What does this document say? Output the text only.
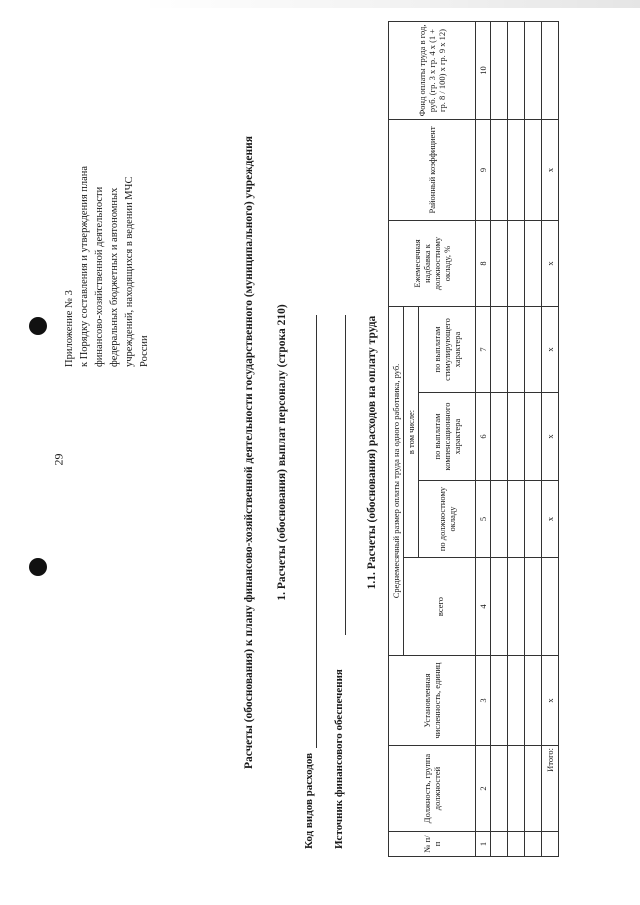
29
Приложение № 3 к Порядку составления и утверждения плана финансово-хозяйственной деятельности федеральных бюджетных и автономных учреждений, находящихся в ведении МЧС России	Расчеты (обоснования) к плану финансово-хозяйственной деятельности государственного (муниципального) учреждения 1. Расчеты (обоснования) выплат персоналу (строка 210)
Код видов расходов Источник финансового обеспечения
1.1. Расчеты (обоснования) расходов на оплату труда
№ п/п	Должность, группа должностей	Установленная численность, единиц	Среднемесячный размер оплаты труда на одного работника, руб.				Ежемесячная надбавка к должностному окладу, %	Районный коэффициент	Фонд оплаты труда в год, руб. (гр. 3 х гр. 4 х (1 + гр. 8 / 100) х гр. 9 х 12)
			всего	в том числе:					
				по должностному окладу	по выплатам компенсационного характера	по выплатам стимулирующего характера			
1	2	3	4	5	6	7	8	9	10

	Итого:	х		х	х	х	х	х	
